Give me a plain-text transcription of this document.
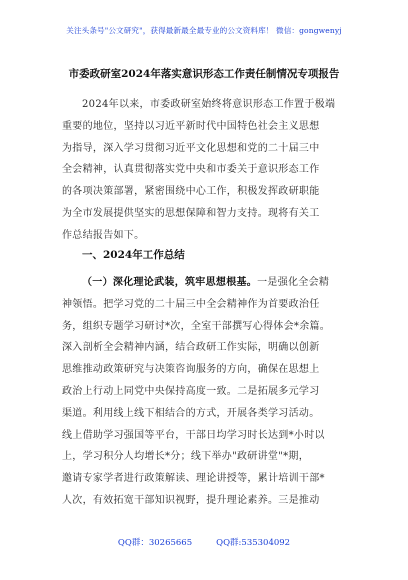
关注头条号"公文研究"，获得最新最全最专业的公文资料库！ 微信：gongwenyj
市委政研室2024年落实意识形态工作责任制情况专项报告
2024年以来，市委政研室始终将意识形态工作置于极端
重要的地位，坚持以习近平新时代中国特色社会主义思想
为指导，深入学习贯彻习近平文化思想和党的二十届三中
全会精神，认真贯彻落实党中央和市委关于意识形态工作
的各项决策部署，紧密围绕中心工作，积极发挥政研职能
为全市发展提供坚实的思想保障和智力支持。现将有关工
作总结报告如下。
一、2024年工作总结
（一）深化理论武装，筑牢思想根基。一是强化全会精
神领悟。把学习党的二十届三中全会精神作为首要政治任
务，组织专题学习研讨*次，全室干部撰写心得体会*余篇。
深入剖析全会精神内涵，结合政研工作实际，明确以创新
思维推动政策研究与决策咨询服务的方向，确保在思想上
政治上行动上同党中央保持高度一致。二是拓展多元学习
渠道。利用线上线下相结合的方式，开展各类学习活动。
线上借助学习强国等平台，干部日均学习时长达到*小时以
上，学习积分人均增长*分；线下举办"政研讲堂"*期，
邀请专家学者进行政策解读、理论讲授等，累计培训干部*
人次，有效拓宽干部知识视野，提升理论素养。三是推动
QQ群：30265665	QQ群:535304092
